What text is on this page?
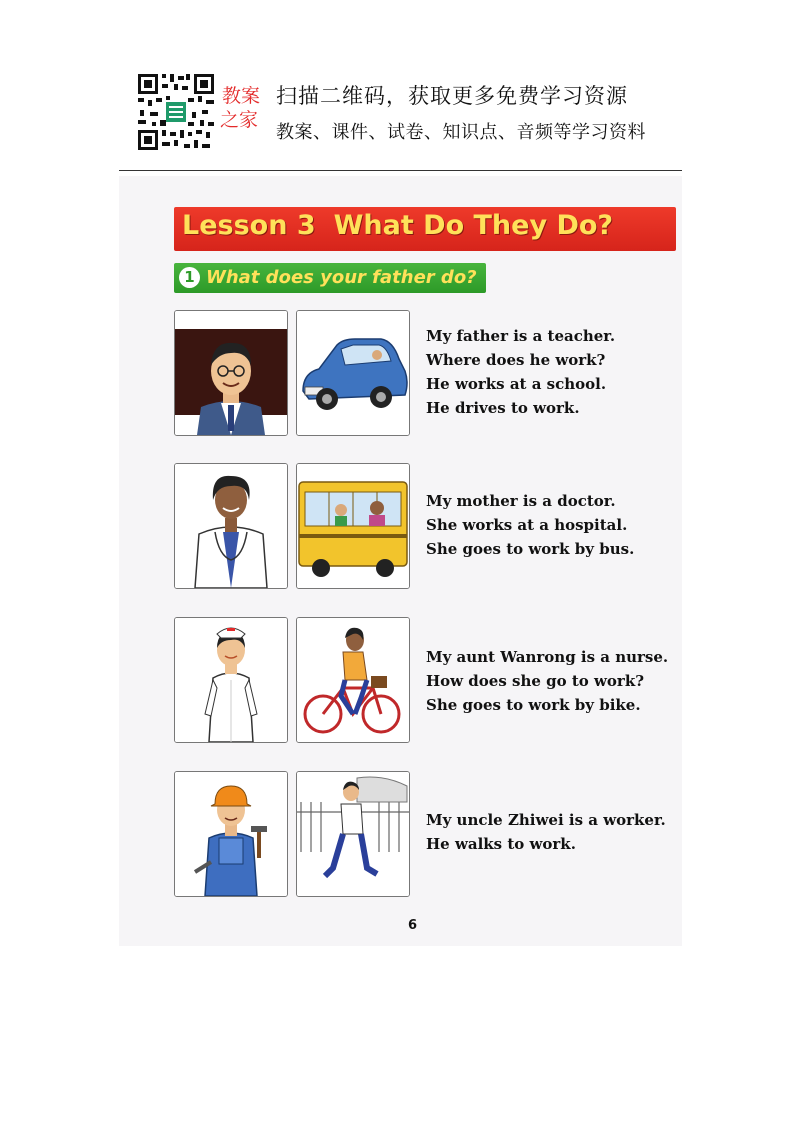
教案
之家
扫描二维码，获取更多免费学习资源
教案、课件、试卷、知识点、音频等学习资料
Lesson 3 What Do They Do?
1 What does your father do?
My father is a teacher.
Where does he work?
He works at a school.
He drives to work.
My mother is a doctor.
She works at a hospital.
She goes to work by bus.
My aunt Wanrong is a nurse.
How does she go to work?
She goes to work by bike.
My uncle Zhiwei is a worker.
He walks to work.
6
